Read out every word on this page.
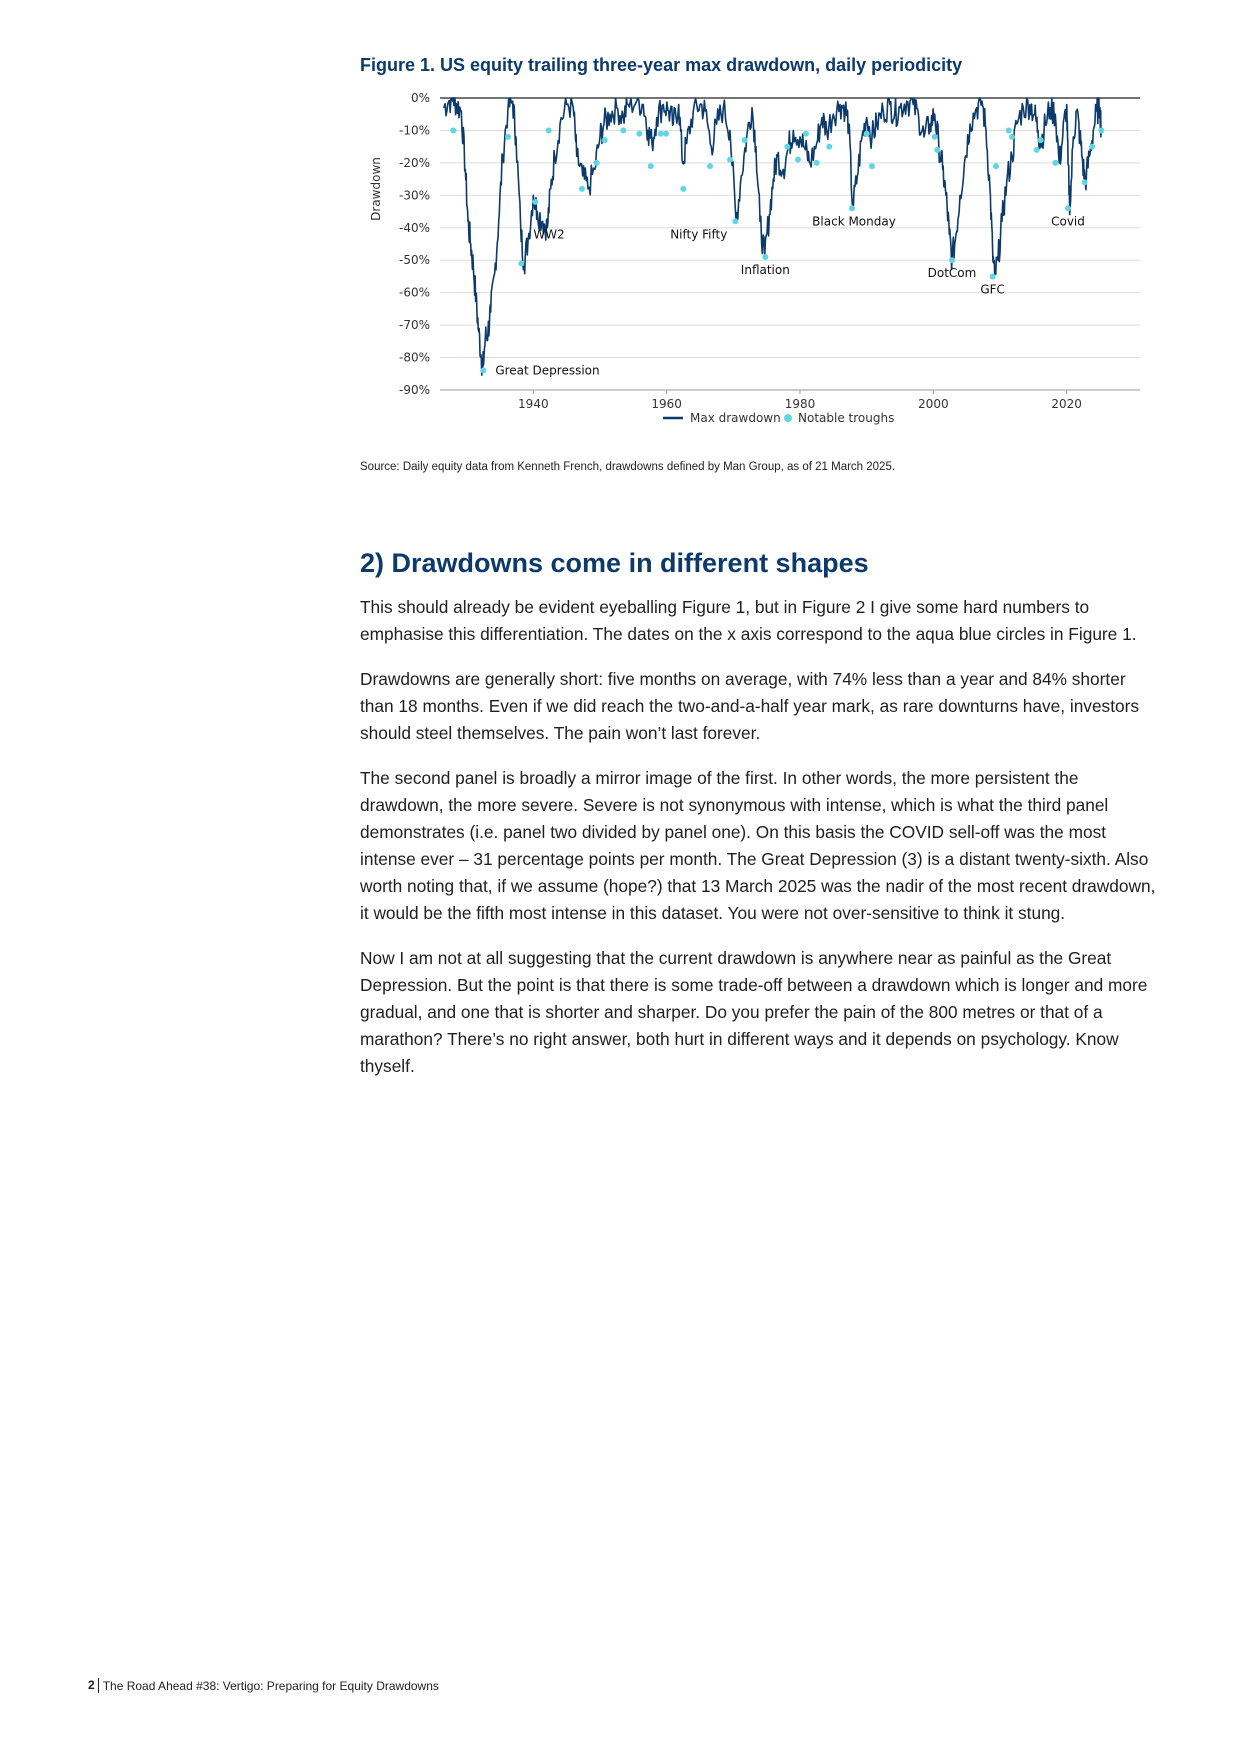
Figure 1. US equity trailing three-year max drawdown, daily periodicity
0%
-10%
-20%
-30%
-40%
-50%
-60%
-70%
-80%
-90%
1940	1960	1980	2000	2020
Drawdown
Great Depression
WW2	Nifty Fifty
Inflation
Black Monday
DotCom
GFC
Covid
Max drawdown Notable troughs
Source: Daily equity data from Kenneth French, drawdowns defined by Man Group, as of 21 March 2025.
2) Drawdowns come in different shapes

This should already be evident eyeballing Figure 1, but in Figure 2 I give some hard numbers to emphasise this differentiation. The dates on the x axis correspond to the aqua blue circles in Figure 1.

Drawdowns are generally short: five months on average, with 74% less than a year and 84% shorter than 18 months. Even if we did reach the two-and-a-half year mark, as rare downturns have, investors should steel themselves. The pain won’t last forever.

The second panel is broadly a mirror image of the first. In other words, the more persistent the drawdown, the more severe. Severe is not synonymous with intense, which is what the third panel demonstrates (i.e. panel two divided by panel one). On this basis the COVID sell-off was the most intense ever – 31 percentage points per month. The Great Depression (3) is a distant twenty-sixth. Also worth noting that, if we assume (hope?) that 13 March 2025 was the nadir of the most recent drawdown, it would be the fifth most intense in this dataset. You were not over-sensitive to think it stung.

Now I am not at all suggesting that the current drawdown is anywhere near as painful as the Great Depression. But the point is that there is some trade-off between a drawdown which is longer and more gradual, and one that is shorter and sharper. Do you prefer the pain of the 800 metres or that of a marathon? There’s no right answer, both hurt in different ways and it depends on psychology. Know thyself.

2 The Road Ahead #38: Vertigo: Preparing for Equity Drawdowns
